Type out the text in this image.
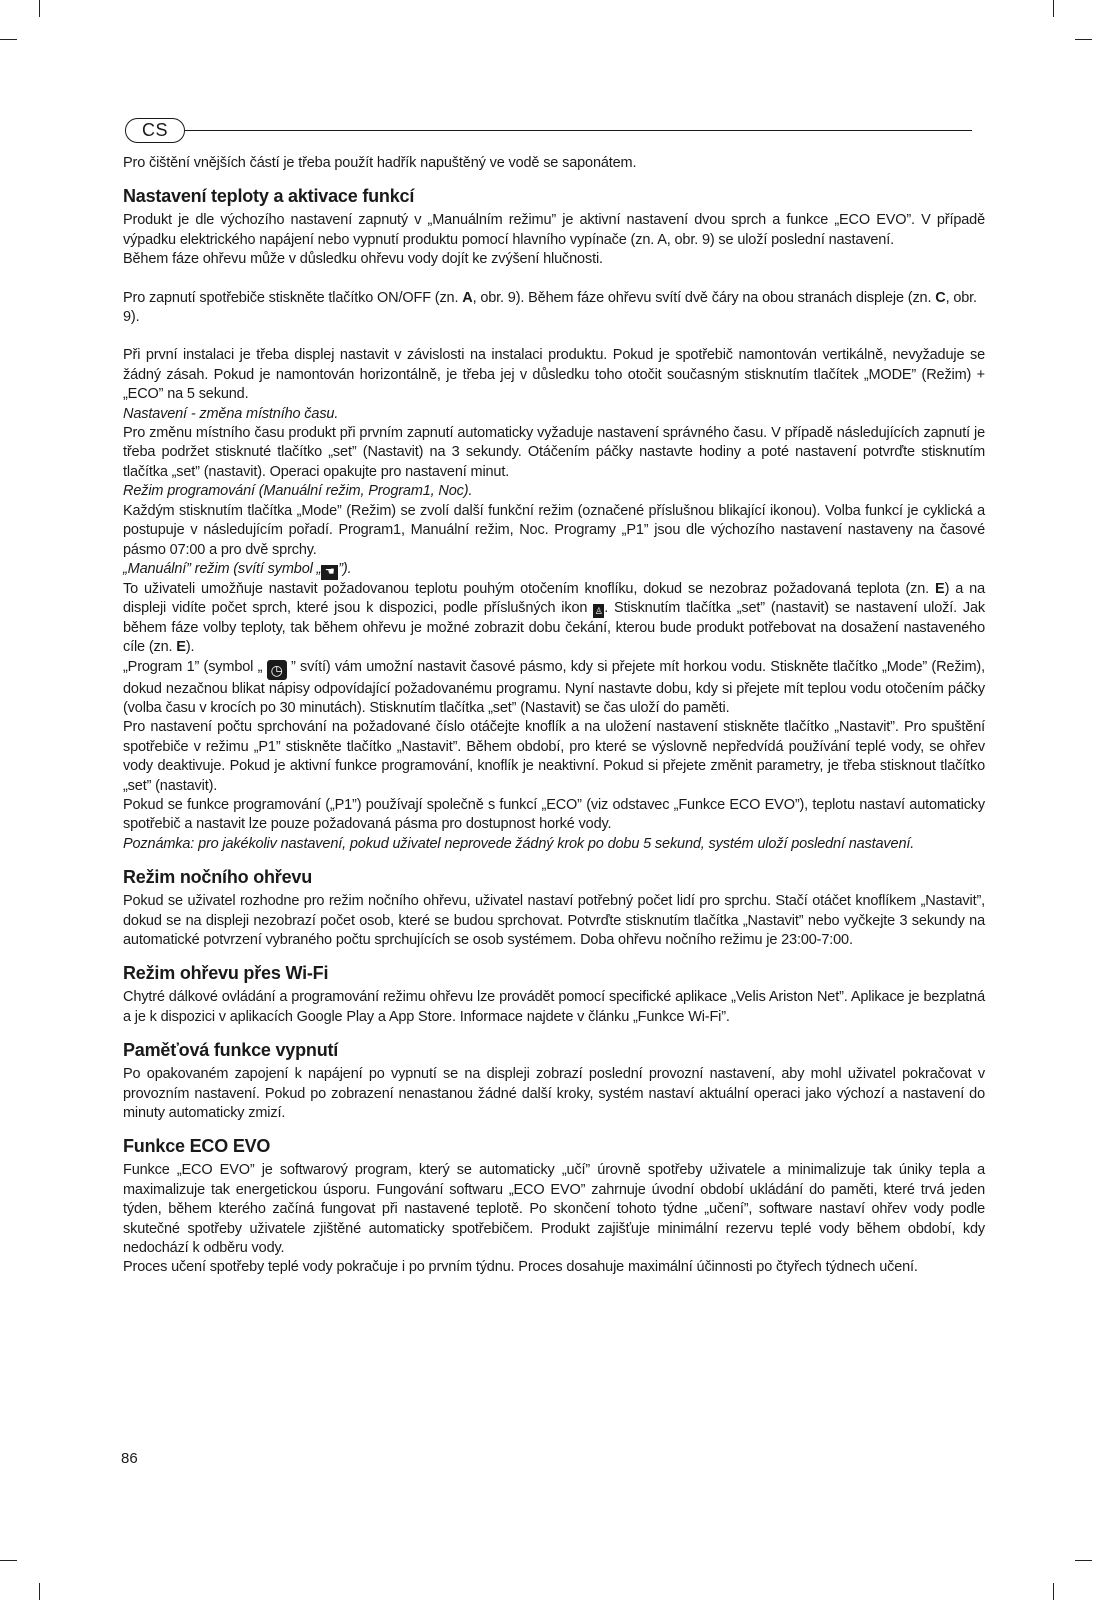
CS

Pro čištění vnějších částí je třeba použít hadřík napuštěný ve vodě se saponátem.

Nastavení teploty a aktivace funkcí

Produkt je dle výchozího nastavení zapnutý v „Manuálním režimu” je aktivní nastavení dvou sprch a funkce „ECO EVO”. V případě výpadku elektrického napájení nebo vypnutí produktu pomocí hlavního vypínače (zn. A, obr. 9) se uloží poslední nastavení.

Během fáze ohřevu může v důsledku ohřevu vody dojít ke zvýšení hlučnosti.

Pro zapnutí spotřebiče stiskněte tlačítko ON/OFF (zn. A, obr. 9). Během fáze ohřevu svítí dvě čáry na obou stranách displeje (zn. C, obr. 9).

Při první instalaci je třeba displej nastavit v závislosti na instalaci produktu. Pokud je spotřebič namontován vertikálně, nevyžaduje se žádný zásah. Pokud je namontován horizontálně, je třeba jej v důsledku toho otočit současným stisknutím tlačítek „MODE” (Režim) + „ECO” na 5 sekund.

Nastavení - změna místního času.

Pro změnu místního času produkt při prvním zapnutí automaticky vyžaduje nastavení správného času. V případě následujících zapnutí je třeba podržet stisknuté tlačítko „set” (Nastavit) na 3 sekundy. Otáčením páčky nastavte hodiny a poté nastavení potvrďte stisknutím tlačítka „set” (nastavit). Operaci opakujte pro nastavení minut.

Režim programování (Manuální režim, Program1, Noc).

Každým stisknutím tlačítka „Mode” (Režim) se zvolí další funkční režim (označené příslušnou blikající ikonou). Volba funkcí je cyklická a postupuje v následujícím pořadí. Program1, Manuální režim, Noc. Programy „P1” jsou dle výchozího nastavení nastaveny na časové pásmo 07:00 a pro dvě sprchy.

„Manuální” režim (svítí symbol „ ☚ ”).

To uživateli umožňuje nastavit požadovanou teplotu pouhým otočením knoflíku, dokud se nezobraz požadovaná teplota (zn. E) a na displeji vidíte počet sprch, které jsou k dispozici, podle příslušných ikon ♙ . Stisknutím tlačítka „set” (nastavit) se nastavení uloží. Jak během fáze volby teploty, tak během ohřevu je možné zobrazit dobu čekání, kterou bude produkt potřebovat na dosažení nastaveného cíle (zn. E).

„Program 1” (symbol „ ◷ ” svítí) vám umožní nastavit časové pásmo, kdy si přejete mít horkou vodu. Stiskněte tlačítko „Mode” (Režim), dokud nezačnou blikat nápisy odpovídající požadovanému programu. Nyní nastavte dobu, kdy si přejete mít teplou vodu otočením páčky (volba času v krocích po 30 minutách). Stisknutím tlačítka „set” (Nastavit) se čas uloží do paměti.

Pro nastavení počtu sprchování na požadované číslo otáčejte knoflík a na uložení nastavení stiskněte tlačítko „Nastavit”. Pro spuštění spotřebiče v režimu „P1” stiskněte tlačítko „Nastavit”. Během období, pro které se výslovně nepředvídá používání teplé vody, se ohřev vody deaktivuje. Pokud je aktivní funkce programování, knoflík je neaktivní. Pokud si přejete změnit parametry, je třeba stisknout tlačítko „set” (nastavit).

Pokud se funkce programování („P1”) používají společně s funkcí „ECO” (viz odstavec „Funkce ECO EVO”), teplotu nastaví automaticky spotřebič a nastavit lze pouze požadovaná pásma pro dostupnost horké vody.

Poznámka: pro jakékoliv nastavení, pokud uživatel neprovede žádný krok po dobu 5 sekund, systém uloží poslední nastavení.

Režim nočního ohřevu

Pokud se uživatel rozhodne pro režim nočního ohřevu, uživatel nastaví potřebný počet lidí pro sprchu. Stačí otáčet knoflíkem „Nastavit”, dokud se na displeji nezobrazí počet osob, které se budou sprchovat. Potvrďte stisknutím tlačítka „Nastavit” nebo vyčkejte 3 sekundy na automatické potvrzení vybraného počtu sprchujících se osob systémem. Doba ohřevu nočního režimu je 23:00-7:00.

Režim ohřevu přes Wi-Fi

Chytré dálkové ovládání a programování režimu ohřevu lze provádět pomocí specifické aplikace „Velis Ariston Net”. Aplikace je bezplatná a je k dispozici v aplikacích Google Play a App Store. Informace najdete v článku „Funkce Wi-Fi”.

Paměťová funkce vypnutí

Po opakovaném zapojení k napájení po vypnutí se na displeji zobrazí poslední provozní nastavení, aby mohl uživatel pokračovat v provozním nastavení. Pokud po zobrazení nenastanou žádné další kroky, systém nastaví aktuální operaci jako výchozí a nastavení do minuty automaticky zmizí.

Funkce ECO EVO

Funkce „ECO EVO” je softwarový program, který se automaticky „učí” úrovně spotřeby uživatele a minimalizuje tak úniky tepla a maximalizuje tak energetickou úsporu. Fungování softwaru „ECO EVO” zahrnuje úvodní období ukládání do paměti, které trvá jeden týden, během kterého začíná fungovat při nastavené teplotě. Po skončení tohoto týdne „učení”, software nastaví ohřev vody podle skutečné spotřeby uživatele zjištěné automaticky spotřebičem. Produkt zajišťuje minimální rezervu teplé vody během období, kdy nedochází k odběru vody.

Proces učení spotřeby teplé vody pokračuje i po prvním týdnu. Proces dosahuje maximální účinnosti po čtyřech týdnech učení.

86
